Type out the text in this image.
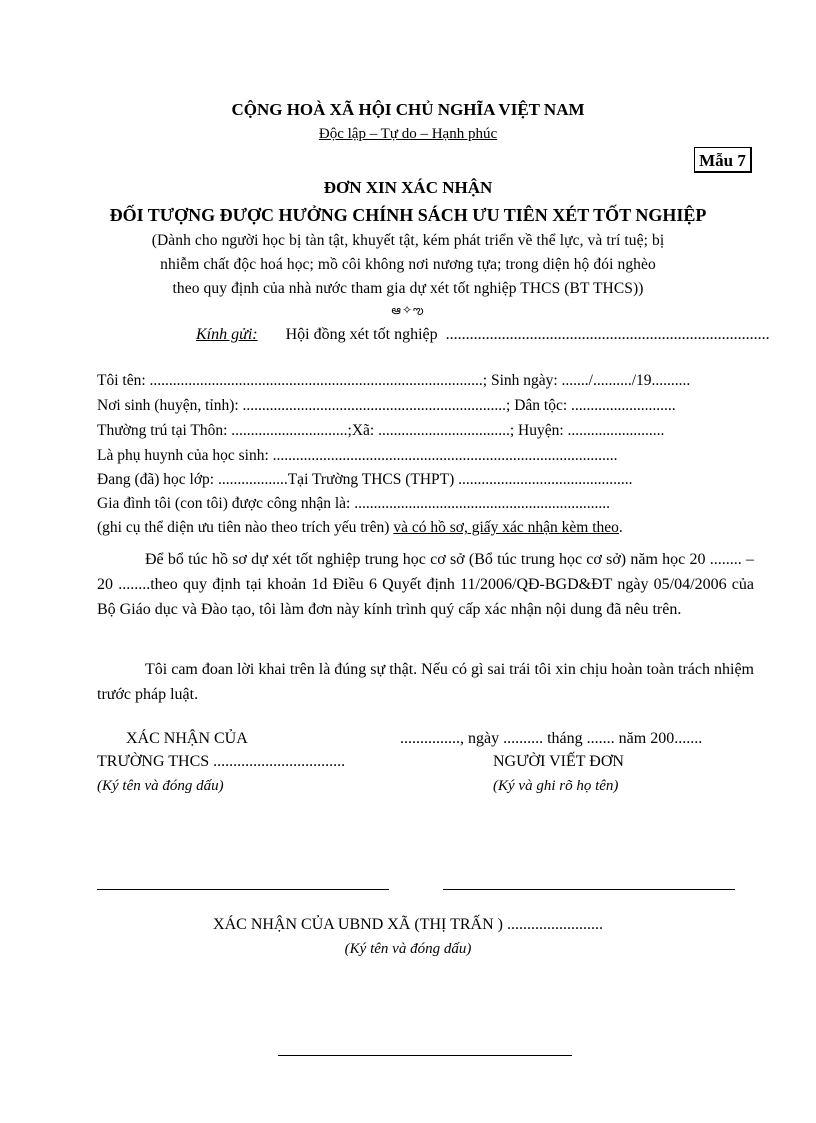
CỘNG HOÀ XÃ HỘI CHỦ NGHĨA VIỆT NAM
Độc lập – Tự do – Hạnh phúc
Mẫu 7
ĐƠN XIN XÁC NHẬN
ĐỐI TƯỢNG ĐƯỢC HƯỞNG CHÍNH SÁCH ƯU TIÊN XÉT TỐT NGHIỆP
(Dành cho người học bị tàn tật, khuyết tật, kém phát triển về thể lực, và trí tuệ; bị
nhiễm chất độc hoá học; mồ côi không nơi nương tựa; trong diện hộ đói nghèo
theo quy định của nhà nước tham gia dự xét tốt nghiệp THCS (BT THCS))
ఆ✧ఌ
Kính gửi: Hội đồng xét tốt nghiệp .................................................................................
Tôi tên: ......................................................................................; Sinh ngày: ......./........../19..........
Nơi sinh (huyện, tỉnh): ....................................................................; Dân tộc: ...........................
Thường trú tại Thôn: ..............................;Xã: ..................................; Huyện: .........................
Là phụ huynh của học sinh: .........................................................................................
Đang (đã) học lớp: ..................Tại Trường THCS (THPT) .............................................
Gia đình tôi (con tôi) được công nhận là: ..................................................................
(ghi cụ thể diện ưu tiên nào theo trích yếu trên) và có hồ sơ, giấy xác nhận kèm theo.
Để bổ túc hồ sơ dự xét tốt nghiệp trung học cơ sở (Bổ túc trung học cơ sở) năm học 20 ........ – 20 ........theo quy định tại khoản 1d Điều 6 Quyết định 11/2006/QĐ-BGD&ĐT ngày 05/04/2006 của Bộ Giáo dục và Đào tạo, tôi làm đơn này kính trình quý cấp xác nhận nội dung đã nêu trên.
Tôi cam đoan lời khai trên là đúng sự thật. Nếu có gì sai trái tôi xin chịu hoàn toàn trách nhiệm trước pháp luật.
XÁC NHẬN CỦA	..............., ngày .......... tháng ....... năm 200.......
TRƯỜNG THCS .................................	NGƯỜI VIẾT ĐƠN
(Ký tên và đóng dấu)	(Ký và ghi rõ họ tên)
XÁC NHẬN CỦA UBND XÃ (THỊ TRẤN ) ........................
(Ký tên và đóng dấu)
